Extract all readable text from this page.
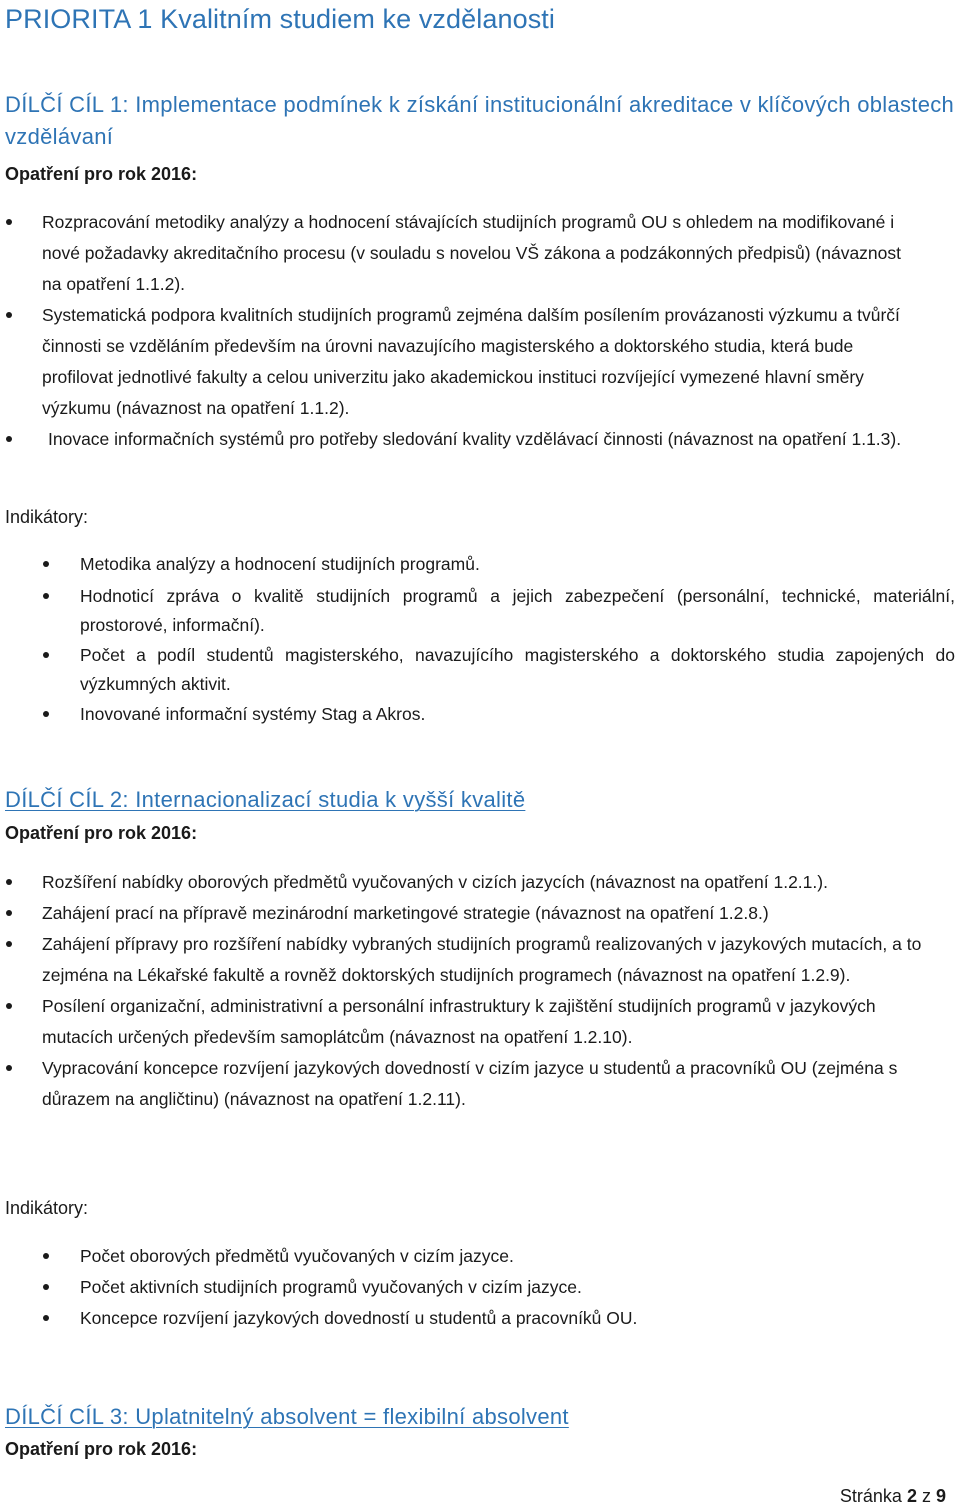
PRIORITA 1 Kvalitním studiem ke vzdělanosti
DÍLČÍ CÍL 1: Implementace podmínek k získání institucionální akreditace v klíčových oblastech vzdělávaní
Opatření pro rok 2016:
Rozpracování metodiky analýzy a hodnocení stávajících studijních programů OU s ohledem na modifikované i nové požadavky akreditačního procesu (v souladu s novelou VŠ zákona a podzákonných předpisů) (návaznost na opatření 1.1.2).
Systematická podpora kvalitních studijních programů zejména dalším posílením provázanosti výzkumu a tvůrčí činnosti se vzděláním především na úrovni navazujícího magisterského a doktorského studia, která bude profilovat jednotlivé fakulty a celou univerzitu jako akademickou instituci rozvíjející vymezené hlavní směry výzkumu (návaznost na opatření 1.1.2).
Inovace informačních systémů pro potřeby sledování kvality vzdělávací činnosti (návaznost na opatření 1.1.3).
Indikátory:
Metodika analýzy a hodnocení studijních programů.
Hodnoticí zpráva o kvalitě studijních programů a jejich zabezpečení (personální, technické, materiální, prostorové, informační).
Počet a podíl studentů magisterského, navazujícího magisterského a doktorského studia zapojených do výzkumných aktivit.
Inovované informační systémy Stag a Akros.
DÍLČÍ CÍL 2: Internacionalizací studia k vyšší kvalitě
Opatření pro rok 2016:
Rozšíření nabídky oborových předmětů vyučovaných v cizích jazycích (návaznost na opatření 1.2.1.).
Zahájení prací na přípravě mezinárodní marketingové strategie (návaznost na opatření 1.2.8.)
Zahájení přípravy pro rozšíření nabídky vybraných studijních programů realizovaných v jazykových mutacích, a to zejména na Lékařské fakultě a rovněž doktorských studijních programech (návaznost na opatření 1.2.9).
Posílení organizační, administrativní a personální infrastruktury k zajištění studijních programů v jazykových mutacích určených především samoplátcům (návaznost na opatření 1.2.10).
Vypracování koncepce rozvíjení jazykových dovedností v cizím jazyce u studentů a pracovníků OU (zejména s důrazem na angličtinu) (návaznost na opatření 1.2.11).
Indikátory:
Počet oborových předmětů vyučovaných v cizím jazyce.
Počet aktivních studijních programů vyučovaných v cizím jazyce.
Koncepce rozvíjení jazykových dovedností u studentů a pracovníků OU.
DÍLČÍ CÍL 3: Uplatnitelný absolvent = flexibilní absolvent
Opatření pro rok 2016:
Stránka 2 z 9
